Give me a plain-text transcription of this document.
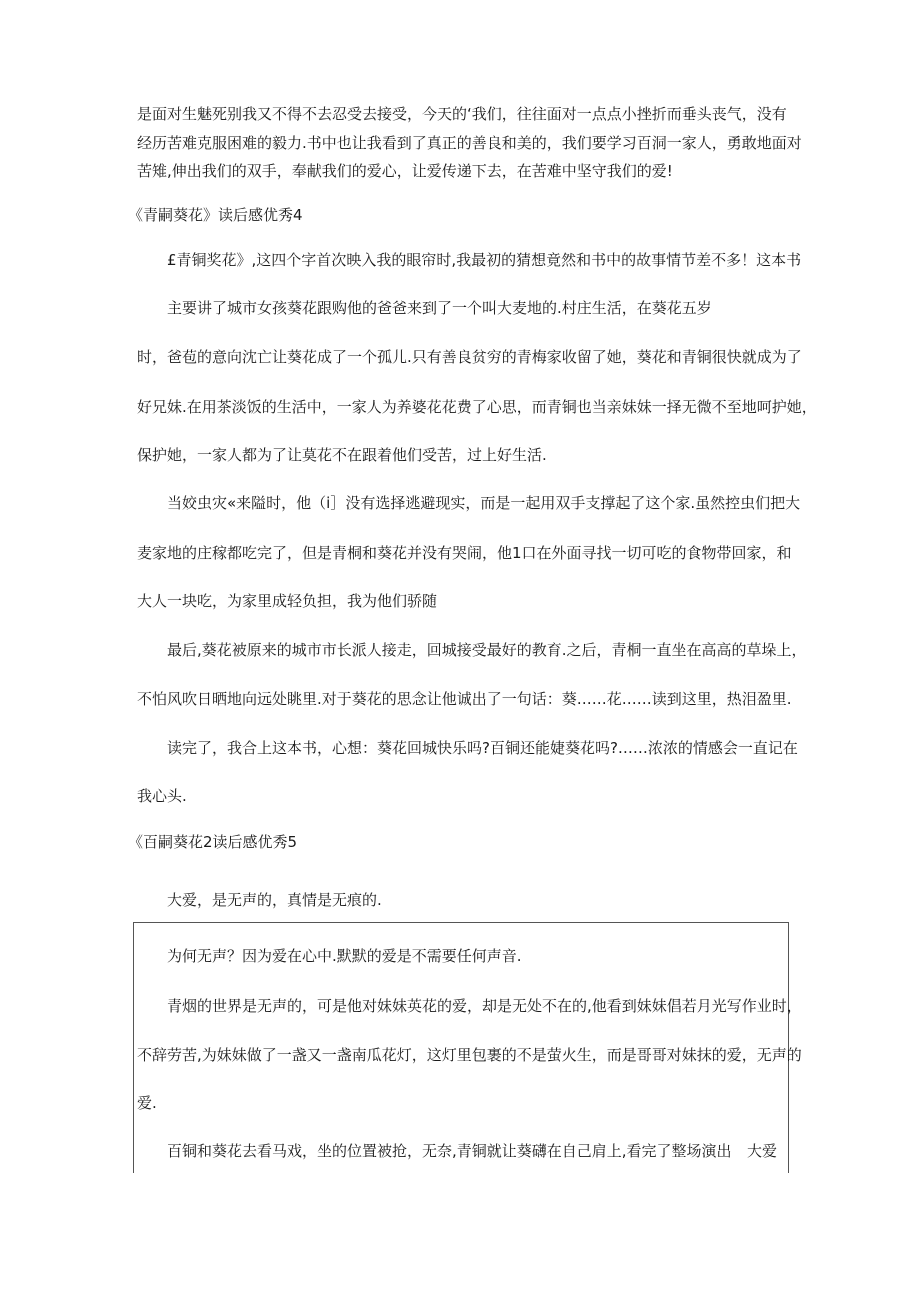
是面对生魅死别我又不得不去忍受去接受，今天的‘我们，往往面对一点点小挫折而垂头丧气，没有

经历苦难克服困难的毅力.书中也让我看到了真正的善良和美的，我们要学习百洞一家人，勇敢地面对

苦雉,伸出我们的双手，奉献我们的爱心，让爱传递下去，在苦难中坚守我们的爱!

《青嗣葵花》读后感优秀4

£青铜奖花》,这四个字首次映入我的眼帘时,我最初的猜想竟然和书中的故事情节差不多！这本书

主要讲了城市女孩葵花跟购他的爸爸来到了一个叫大麦地的.村庄生活，在葵花五岁

时，爸苞的意向沈亡让葵花成了一个孤儿.只有善良贫穷的青梅家收留了她，葵花和青铜很快就成为了

好兄妹.在用茶淡饭的生活中，一家人为养婆花花费了心思，而青铜也当亲妹妹一择无微不至地呵护她，

保护她，一家人都为了让莫花不在跟着他们受苦，过上好生活.

当姣虫灾«来隘时，他（i］没有选择逃避现实，而是一起用双手支撑起了这个家.虽然控虫们把大

麦家地的庄稼都吃完了，但是青桐和葵花并没有哭闹，他1口在外面寻找一切可吃的食物带回家，和

大人一块吃，为家里成轻负担，我为他们骄随

最后,葵花被原来的城市市长派人接走，回城接受最好的教育.之后，青桐一直坐在高高的草垛上，

不怕风吹日晒地向远处眺里.对于葵花的思念让他诚出了一句话：葵……花……读到这里，热泪盈里.

读完了，我合上这本书，心想：葵花回城快乐吗?百铜还能婕葵花吗?……浓浓的情感会一直记在

我心头.

《百嗣葵花2读后感优秀5

大爱，是无声的，真情是无痕的.

为何无声？因为爱在心中.默默的爱是不需要任何声音.

青烟的世界是无声的，可是他对妹妹英花的爱，却是无处不在的,他看到妹妹倡若月光写作业时，

不辞劳苦,为妹妹做了一盏又一盏南瓜花灯，这灯里包裹的不是萤火生，而是哥哥对妹抹的爱，无声的

爱.

百铜和葵花去看马戏，坐的位置被抢，无奈,青铜就让葵礴在自己肩上,看完了整场演出 大爱
